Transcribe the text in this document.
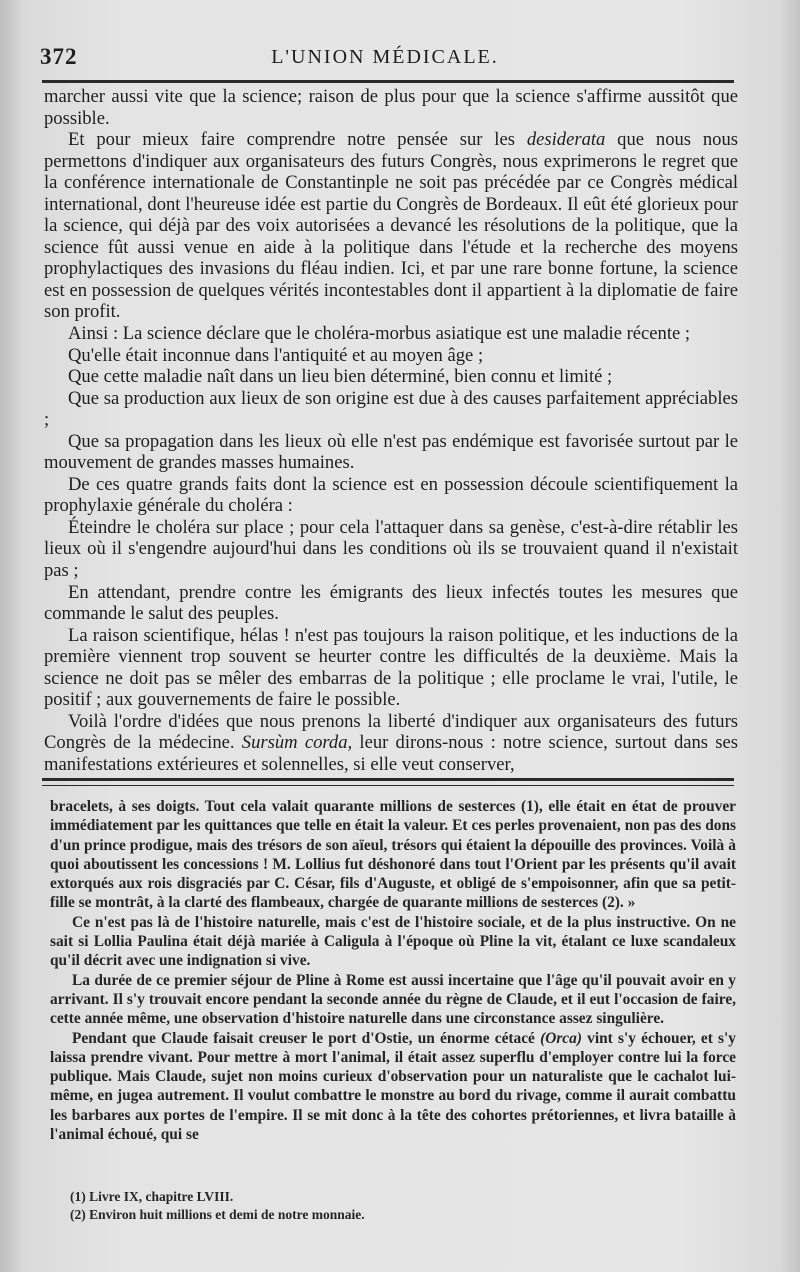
372	L'UNION MÉDICALE.

marcher aussi vite que la science; raison de plus pour que la science s'affirme aussitôt que possible.

Et pour mieux faire comprendre notre pensée sur les desiderata que nous nous permettons d'indiquer aux organisateurs des futurs Congrès, nous exprimerons le regret que la conférence internationale de Constantinple ne soit pas précédée par ce Congrès médical international, dont l'heureuse idée est partie du Congrès de Bordeaux. Il eût été glorieux pour la science, qui déjà par des voix autorisées a devancé les résolutions de la politique, que la science fût aussi venue en aide à la politique dans l'étude et la recherche des moyens prophylactiques des invasions du fléau indien. Ici, et par une rare bonne fortune, la science est en possession de quelques vérités incontestables dont il appartient à la diplomatie de faire son profit.

Ainsi : La science déclare que le choléra-morbus asiatique est une maladie récente ;

Qu'elle était inconnue dans l'antiquité et au moyen âge ;

Que cette maladie naît dans un lieu bien déterminé, bien connu et limité ;

Que sa production aux lieux de son origine est due à des causes parfaitement appréciables ;

Que sa propagation dans les lieux où elle n'est pas endémique est favorisée surtout par le mouvement de grandes masses humaines.

De ces quatre grands faits dont la science est en possession découle scientifiquement la prophylaxie générale du choléra :

Éteindre le choléra sur place ; pour cela l'attaquer dans sa genèse, c'est-à-dire rétablir les lieux où il s'engendre aujourd'hui dans les conditions où ils se trouvaient quand il n'existait pas ;

En attendant, prendre contre les émigrants des lieux infectés toutes les mesures que commande le salut des peuples.

La raison scientifique, hélas ! n'est pas toujours la raison politique, et les inductions de la première viennent trop souvent se heurter contre les difficultés de la deuxième. Mais la science ne doit pas se mêler des embarras de la politique ; elle proclame le vrai, l'utile, le positif ; aux gouvernements de faire le possible.

Voilà l'ordre d'idées que nous prenons la liberté d'indiquer aux organisateurs des futurs Congrès de la médecine. Sursùm corda, leur dirons-nous : notre science, surtout dans ses manifestations extérieures et solennelles, si elle veut conserver,

bracelets, à ses doigts. Tout cela valait quarante millions de sesterces (1), elle était en état de prouver immédiatement par les quittances que telle en était la valeur. Et ces perles provenaient, non pas des dons d'un prince prodigue, mais des trésors de son aïeul, trésors qui étaient la dépouille des provinces. Voilà à quoi aboutissent les concessions ! M. Lollius fut déshonoré dans tout l'Orient par les présents qu'il avait extorqués aux rois disgraciés par C. César, fils d'Auguste, et obligé de s'empoisonner, afin que sa petit-fille se montrât, à la clarté des flambeaux, chargée de quarante millions de sesterces (2). »

Ce n'est pas là de l'histoire naturelle, mais c'est de l'histoire sociale, et de la plus instructive. On ne sait si Lollia Paulina était déjà mariée à Caligula à l'époque où Pline la vit, étalant ce luxe scandaleux qu'il décrit avec une indignation si vive.

La durée de ce premier séjour de Pline à Rome est aussi incertaine que l'âge qu'il pouvait avoir en y arrivant. Il s'y trouvait encore pendant la seconde année du règne de Claude, et il eut l'occasion de faire, cette année même, une observation d'histoire naturelle dans une circonstance assez singulière.

Pendant que Claude faisait creuser le port d'Ostie, un énorme cétacé (Orca) vint s'y échouer, et s'y laissa prendre vivant. Pour mettre à mort l'animal, il était assez superflu d'employer contre lui la force publique. Mais Claude, sujet non moins curieux d'observation pour un naturaliste que le cachalot lui-même, en jugea autrement. Il voulut combattre le monstre au bord du rivage, comme il aurait combattu les barbares aux portes de l'empire. Il se mit donc à la tête des cohortes prétoriennes, et livra bataille à l'animal échoué, qui se

(1) Livre IX, chapitre LVIII.

(2) Environ huit millions et demi de notre monnaie.
